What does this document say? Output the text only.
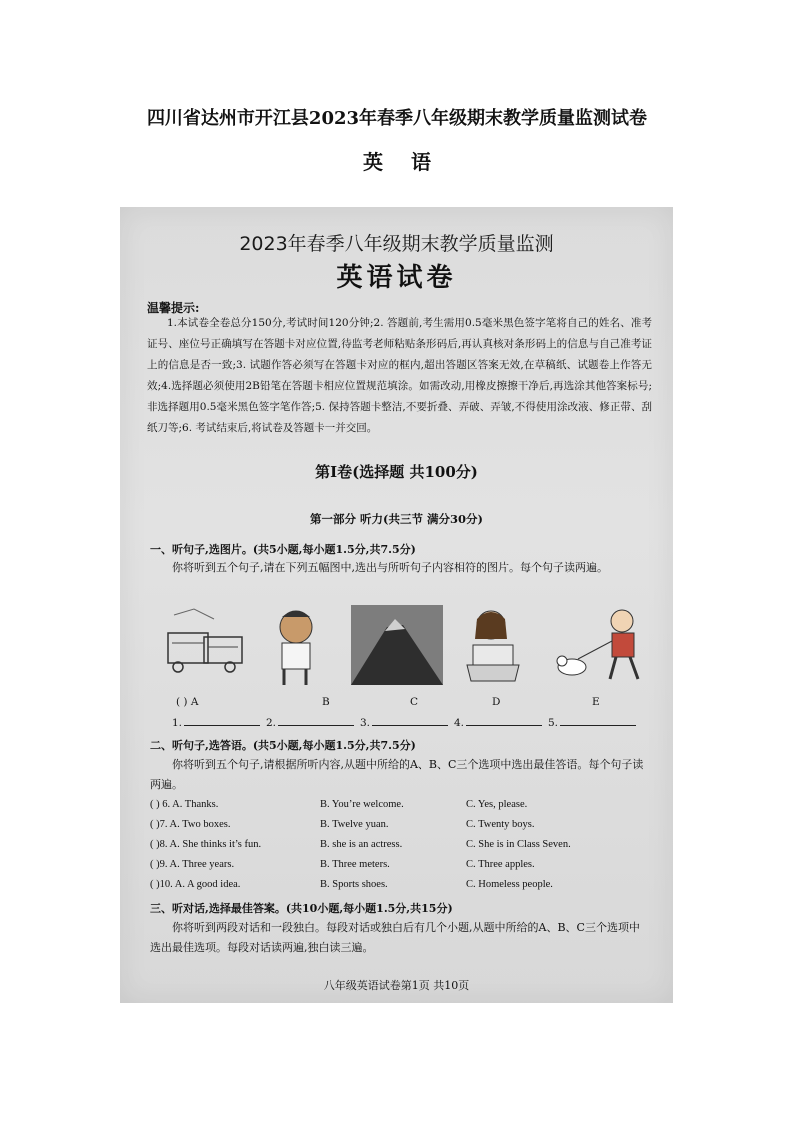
四川省达州市开江县2023年春季八年级期末教学质量监测试卷
英 语
2023年春季八年级期末教学质量监测
英语试卷
温馨提示:
1.本试卷全卷总分150分,考试时间120分钟;2. 答题前,考生需用0.5毫米黑色签字笔将自己的姓名、准考证号、座位号正确填写在答题卡对应位置,待监考老师粘贴条形码后,再认真核对条形码上的信息与自己准考证上的信息是否一致;3. 试题作答必须写在答题卡对应的框内,超出答题区答案无效,在草稿纸、试题卷上作答无效;4.选择题必须使用2B铅笔在答题卡相应位置规范填涂。如需改动,用橡皮擦擦干净后,再选涂其他答案标号;非选择题用0.5毫米黑色签字笔作答;5. 保持答题卡整洁,不要折叠、弄破、弄皱,不得使用涂改液、修正带、刮纸刀等;6. 考试结束后,将试卷及答题卡一并交回。
第Ⅰ卷(选择题 共100分)
第一部分 听力(共三节 满分30分)
一、听句子,选图片。(共5小题,每小题1.5分,共7.5分)
你将听到五个句子,请在下列五幅图中,选出与所听句子内容相符的图片。每个句子读两遍。
( ) A	B	C	D	E
1.	2.	3.	4.	5.
二、听句子,选答语。(共5小题,每小题1.5分,共7.5分)
你将听到五个句子,请根据所听内容,从题中所给的A、B、C三个选项中选出最佳答语。每个句子读两遍。
( ) 6. A. Thanks.	B. You’re welcome.	C. Yes, please.
( )7. A. Two boxes.	B. Twelve yuan.	C. Twenty boys.
( )8. A. She thinks it’s fun.	B. she is an actress.	C. She is in Class Seven.
( )9. A. Three years.	B. Three meters.	C. Three apples.
( )10. A. A good idea.	B. Sports shoes.	C. Homeless people.
三、听对话,选择最佳答案。(共10小题,每小题1.5分,共15分)
你将听到两段对话和一段独白。每段对话或独白后有几个小题,从题中所给的A、B、C三个选项中选出最佳选项。每段对话读两遍,独白读三遍。
八年级英语试卷第1页 共10页
